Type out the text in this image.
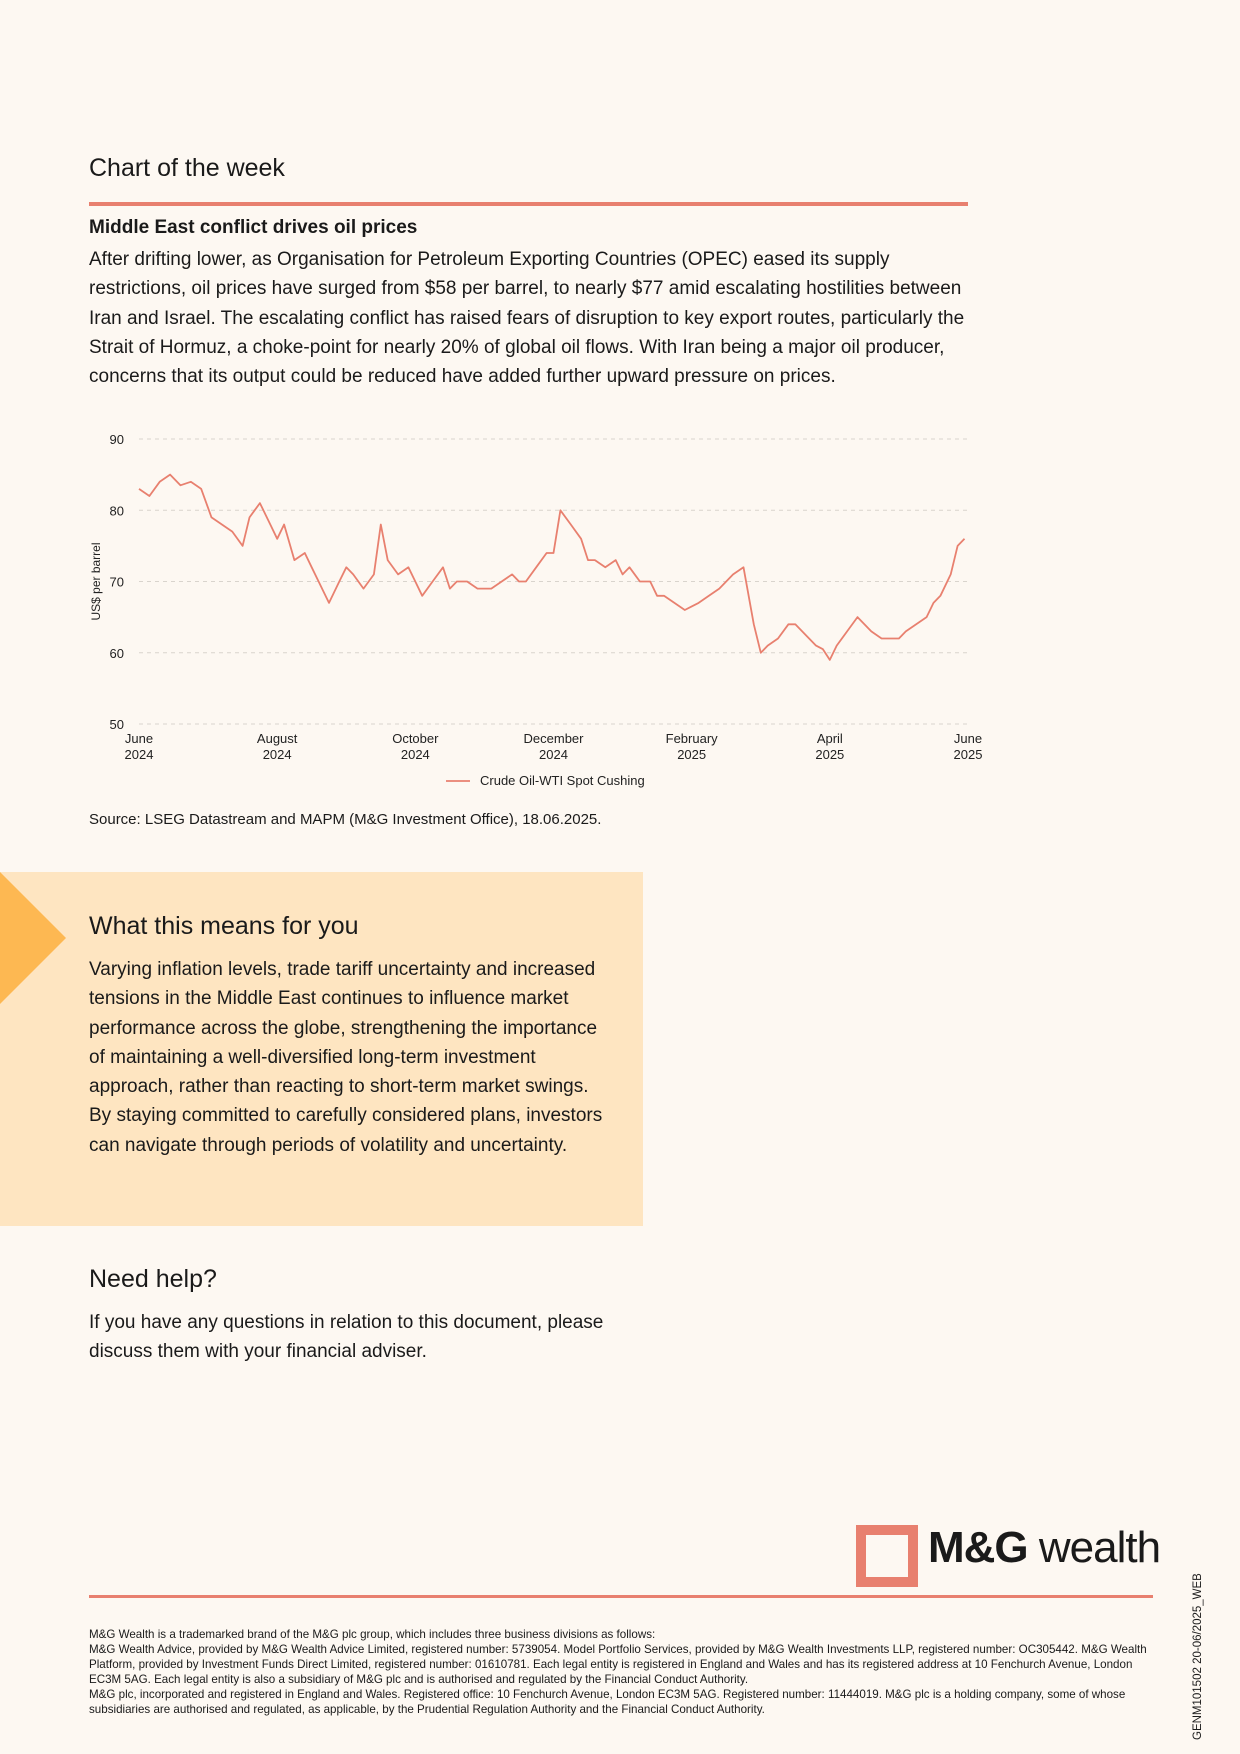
Chart of the week
Middle East conflict drives oil prices

After drifting lower, as Organisation for Petroleum Exporting Countries (OPEC) eased its supply restrictions, oil prices have surged from $58 per barrel, to nearly $77 amid escalating hostilities between Iran and Israel. The escalating conflict has raised fears of disruption to key export routes, particularly the Strait of Hormuz, a choke-point for nearly 20% of global oil flows. With Iran being a major oil producer, concerns that its output could be reduced have added further upward pressure on prices.

50
60
70
80
90
US$ per barrel
June
2024
August
2024
October
2024
December
2024
February
2025
April
2025
June
2025
Crude Oil-WTI Spot Cushing

Source: LSEG Datastream and MAPM (M&G Investment Office), 18.06.2025.

What this means for you

Varying inflation levels, trade tariff uncertainty and increased tensions in the Middle East continues to influence market performance across the globe, strengthening the importance of maintaining a well-diversified long-term investment approach, rather than reacting to short-term market swings. By staying committed to carefully considered plans, investors can navigate through periods of volatility and uncertainty.

Need help?

If you have any questions in relation to this document, please discuss them with your financial adviser.

M&G wealth

M&G Wealth is a trademarked brand of the M&G plc group, which includes three business divisions as follows:

M&G Wealth Advice, provided by M&G Wealth Advice Limited, registered number: 5739054. Model Portfolio Services, provided by M&G Wealth Investments LLP, registered number: OC305442. M&G Wealth Platform, provided by Investment Funds Direct Limited, registered number: 01610781. Each legal entity is registered in England and Wales and has its registered address at 10 Fenchurch Avenue, London EC3M 5AG. Each legal entity is also a subsidiary of M&G plc and is authorised and regulated by the Financial Conduct Authority.

M&G plc, incorporated and registered in England and Wales. Registered office: 10 Fenchurch Avenue, London EC3M 5AG. Registered number: 11444019. M&G plc is a holding company, some of whose subsidiaries are authorised and regulated, as applicable, by the Prudential Regulation Authority and the Financial Conduct Authority.	GENM101502 20-06/2025_WEB
